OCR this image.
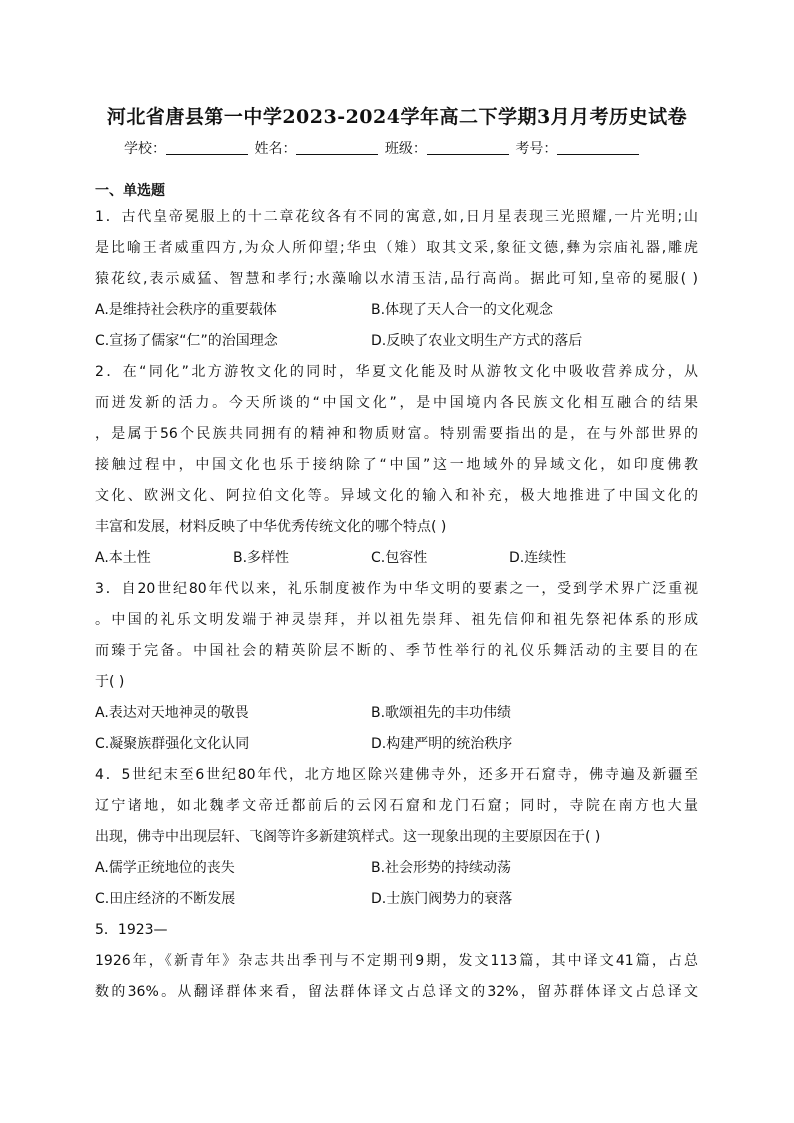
河北省唐县第一中学2023-2024学年高二下学期3月月考历史试卷
学校：	姓名：	班级：	考号：
一、单选题
1．古代皇帝冕服上的十二章花纹各有不同的寓意,如,日月星表现三光照耀,一片光明;山
是比喻王者威重四方,为众人所仰望;华虫（雉）取其文采,象征文德,彝为宗庙礼器,雕虎
猿花纹,表示威猛、智慧和孝行;水藻喻以水清玉洁,品行高尚。据此可知,皇帝的冕服( )
A.是维持社会秩序的重要载体	B.体现了天人合一的文化观念
C.宣扬了儒家“仁”的治国理念	D.反映了农业文明生产方式的落后
2．在“同化”北方游牧文化的同时，华夏文化能及时从游牧文化中吸收营养成分，从
而迸发新的活力。今天所谈的“中国文化”，是中国境内各民族文化相互融合的结果
，是属于56个民族共同拥有的精神和物质财富。特别需要指出的是，在与外部世界的
接触过程中，中国文化也乐于接纳除了“中国”这一地域外的异域文化，如印度佛教
文化、欧洲文化、阿拉伯文化等。异域文化的输入和补充，极大地推进了中国文化的
丰富和发展，材料反映了中华优秀传统文化的哪个特点( )
A.本土性	B.多样性	C.包容性	D.连续性
3．自20世纪80年代以来，礼乐制度被作为中华文明的要素之一，受到学术界广泛重视
。中国的礼乐文明发端于神灵崇拜，并以祖先崇拜、祖先信仰和祖先祭祀体系的形成
而臻于完备。中国社会的精英阶层不断的、季节性举行的礼仪乐舞活动的主要目的在
于( )
A.表达对天地神灵的敬畏	B.歌颂祖先的丰功伟绩
C.凝聚族群强化文化认同	D.构建严明的统治秩序
4．5世纪末至6世纪80年代，北方地区除兴建佛寺外，还多开石窟寺，佛寺遍及新疆至
辽宁诸地，如北魏孝文帝迁都前后的云冈石窟和龙门石窟；同时，寺院在南方也大量
出现，佛寺中出现层轩、飞阁等许多新建筑样式。这一现象出现的主要原因在于( )
A.儒学正统地位的丧失	B.社会形势的持续动荡
C.田庄经济的不断发展	D.士族门阀势力的衰落
5．1923—
1926年，《新青年》杂志共出季刊与不定期刊9期，发文113篇，其中译文41篇，占总
数的36%。从翻译群体来看，留法群体译文占总译文的32%，留苏群体译文占总译文
